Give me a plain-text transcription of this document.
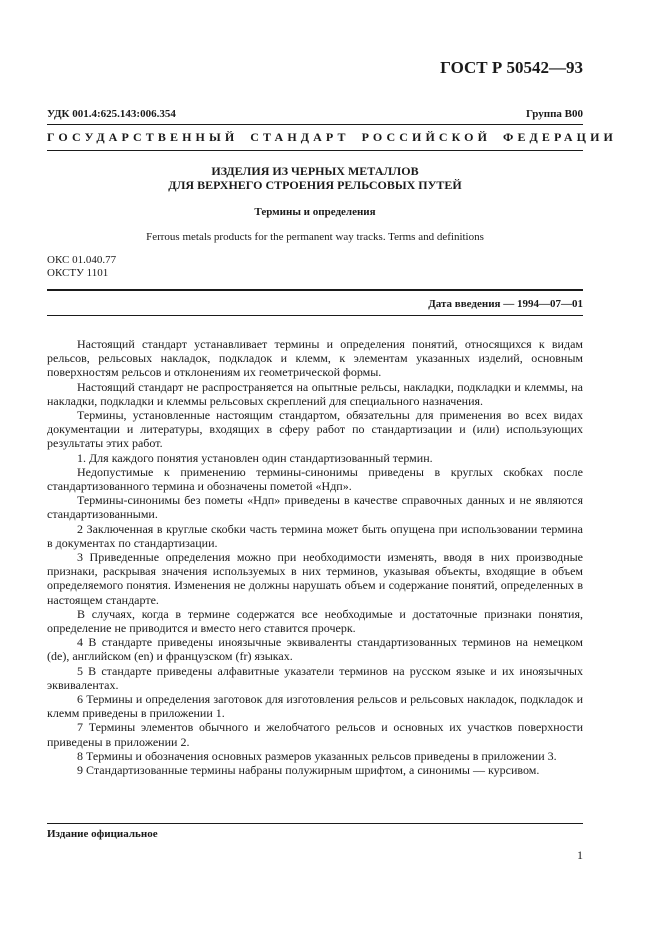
ГОСТ Р 50542—93
УДК 001.4:625.143:006.354	Группа В00
ГОСУДАРСТВЕННЫЙ СТАНДАРТ РОССИЙСКОЙ ФЕДЕРАЦИИ
ИЗДЕЛИЯ ИЗ ЧЕРНЫХ МЕТАЛЛОВ
ДЛЯ ВЕРХНЕГО СТРОЕНИЯ РЕЛЬСОВЫХ ПУТЕЙ
Термины и определения
Ferrous metals products for the permanent way tracks. Terms and definitions
ОКС 01.040.77
ОКСТУ 1101
Дата введения — 1994—07—01

Настоящий стандарт устанавливает термины и определения понятий, относящихся к видам рельсов, рельсовых накладок, подкладок и клемм, к элементам указанных изделий, основным поверхностям рельсов и отклонениям их геометрической формы.

Настоящий стандарт не распространяется на опытные рельсы, накладки, подкладки и клеммы, на накладки, подкладки и клеммы рельсовых скреплений для специального назначения.

Термины, установленные настоящим стандартом, обязательны для применения во всех видах документации и литературы, входящих в сферу работ по стандартизации и (или) использующих результаты этих работ.

1. Для каждого понятия установлен один стандартизованный термин.

Недопустимые к применению термины-синонимы приведены в круглых скобках после стандартизованного термина и обозначены пометой «Ндп».

Термины-синонимы без пометы «Ндп» приведены в качестве справочных данных и не являются стандартизованными.

2 Заключенная в круглые скобки часть термина может быть опущена при использовании термина в документах по стандартизации.

3 Приведенные определения можно при необходимости изменять, вводя в них производные признаки, раскрывая значения используемых в них терминов, указывая объекты, входящие в объем определяемого понятия. Изменения не должны нарушать объем и содержание понятий, определенных в настоящем стандарте.

В случаях, когда в термине содержатся все необходимые и достаточные признаки понятия, определение не приводится и вместо него ставится прочерк.

4 В стандарте приведены иноязычные эквиваленты стандартизованных терминов на немецком (de), английском (en) и французском (fr) языках.

5 В стандарте приведены алфавитные указатели терминов на русском языке и их иноязычных эквивалентах.

6 Термины и определения заготовок для изготовления рельсов и рельсовых накладок, подкладок и клемм приведены в приложении 1.

7 Термины элементов обычного и желобчатого рельсов и основных их участков поверхности приведены в приложении 2.

8 Термины и обозначения основных размеров указанных рельсов приведены в приложении 3.

9 Стандартизованные термины набраны полужирным шрифтом, а синонимы — курсивом.

Издание официальное
1
